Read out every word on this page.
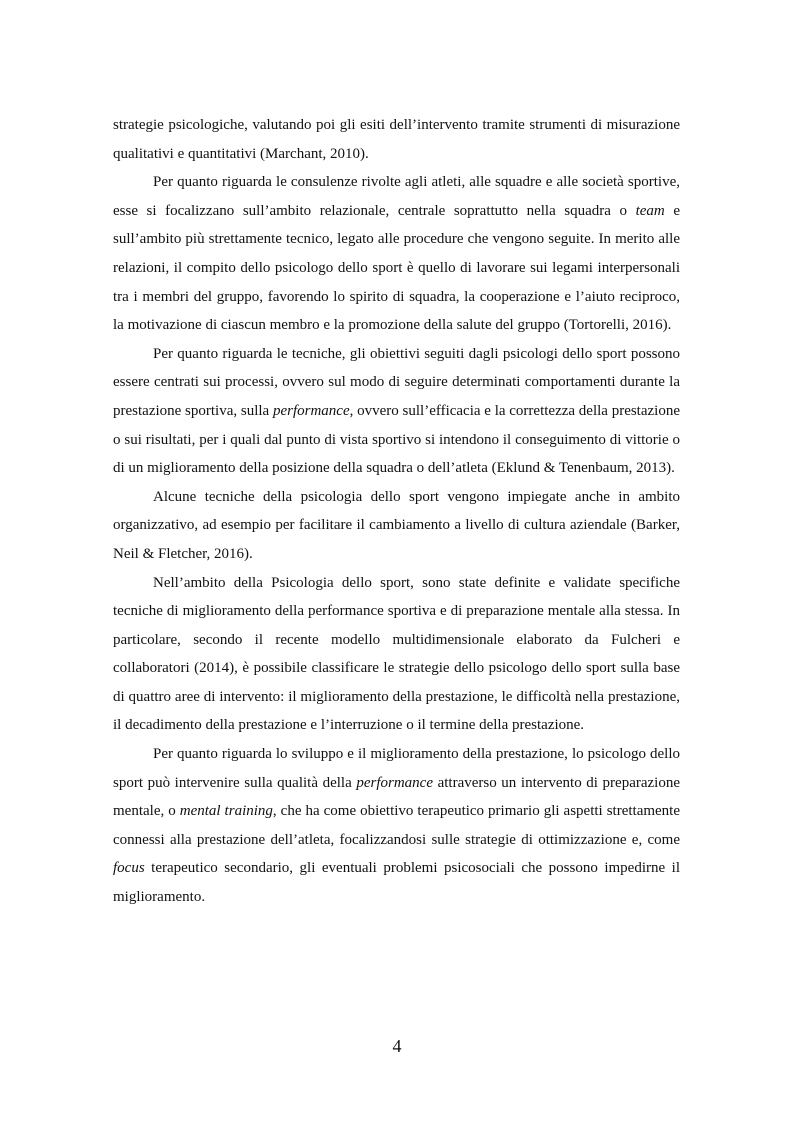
strategie psicologiche, valutando poi gli esiti dell’intervento tramite strumenti di misurazione qualitativi e quantitativi (Marchant, 2010).

Per quanto riguarda le consulenze rivolte agli atleti, alle squadre e alle società sportive, esse si focalizzano sull’ambito relazionale, centrale soprattutto nella squadra o team e sull’ambito più strettamente tecnico, legato alle procedure che vengono seguite. In merito alle relazioni, il compito dello psicologo dello sport è quello di lavorare sui legami interpersonali tra i membri del gruppo, favorendo lo spirito di squadra, la cooperazione e l’aiuto reciproco, la motivazione di ciascun membro e la promozione della salute del gruppo (Tortorelli, 2016).

Per quanto riguarda le tecniche, gli obiettivi seguiti dagli psicologi dello sport possono essere centrati sui processi, ovvero sul modo di seguire determinati comportamenti durante la prestazione sportiva, sulla performance, ovvero sull’efficacia e la correttezza della prestazione o sui risultati, per i quali dal punto di vista sportivo si intendono il conseguimento di vittorie o di un miglioramento della posizione della squadra o dell’atleta (Eklund & Tenenbaum, 2013).

Alcune tecniche della psicologia dello sport vengono impiegate anche in ambito organizzativo, ad esempio per facilitare il cambiamento a livello di cultura aziendale (Barker, Neil & Fletcher, 2016).

Nell’ambito della Psicologia dello sport, sono state definite e validate specifiche tecniche di miglioramento della performance sportiva e di preparazione mentale alla stessa. In particolare, secondo il recente modello multidimensionale elaborato da Fulcheri e collaboratori (2014), è possibile classificare le strategie dello psicologo dello sport sulla base di quattro aree di intervento: il miglioramento della prestazione, le difficoltà nella prestazione, il decadimento della prestazione e l’interruzione o il termine della prestazione.

Per quanto riguarda lo sviluppo e il miglioramento della prestazione, lo psicologo dello sport può intervenire sulla qualità della performance attraverso un intervento di preparazione mentale, o mental training, che ha come obiettivo terapeutico primario gli aspetti strettamente connessi alla prestazione dell’atleta, focalizzandosi sulle strategie di ottimizzazione e, come focus terapeutico secondario, gli eventuali problemi psicosociali che possono impedirne il miglioramento.

4
